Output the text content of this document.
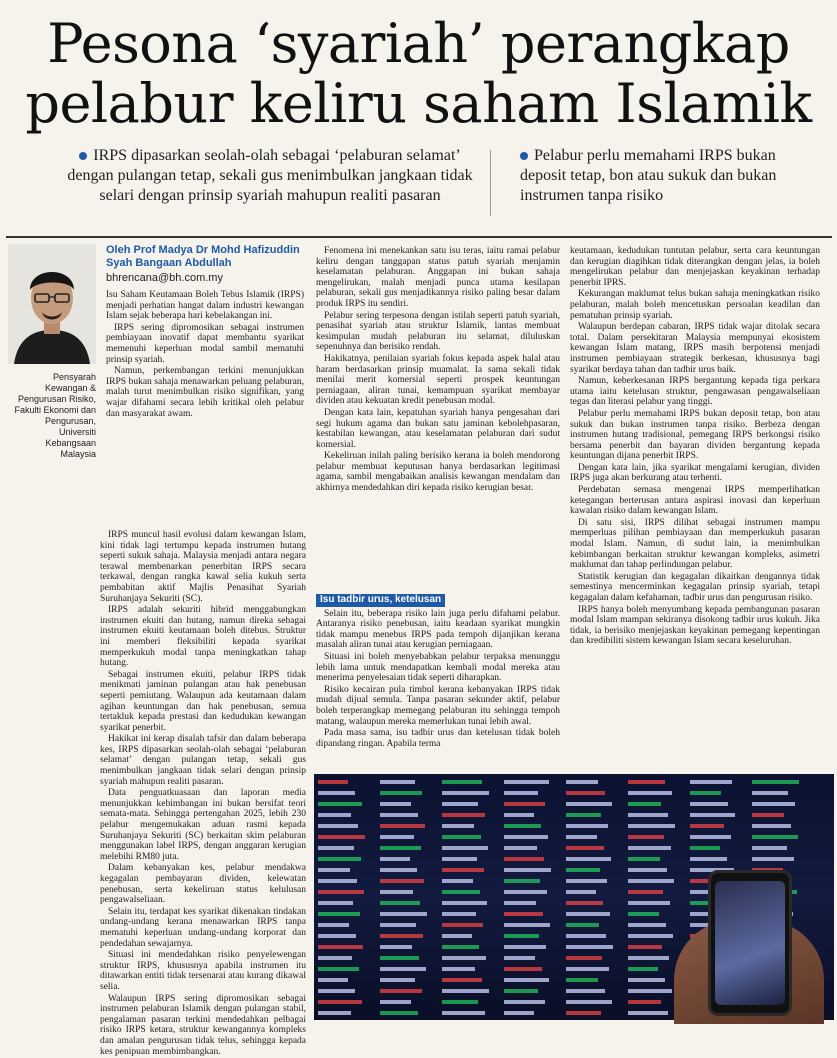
Pesona ‘syariah’ perangkap
pelabur keliru saham Islamik
IRPS dipasarkan seolah-olah sebagai ‘pelaburan selamat’ dengan pulangan tetap, sekali gus menimbulkan jangkaan tidak selari dengan prinsip syariah mahupun realiti pasaran
Pelabur perlu memahami IRPS bukan deposit tetap, bon atau sukuk dan bukan instrumen tanpa risiko
Pensyarah Kewangan & Pengurusan Risiko, Fakulti Ekonomi dan Pengurusan, Universiti Kebangsaan Malaysia
Oleh Prof Madya Dr Mohd Hafizuddin Syah Bangaan Abdullah
bhrencana@bh.com.my

Isu Saham Keutamaan Boleh Tebus Islamik (IRPS) menjadi perhatian hangat dalam industri kewangan Islam sejak beberapa hari kebelakangan ini.

IRPS sering dipromosikan sebagai instrumen pembiayaan inovatif dapat membantu syarikat memenuhi keperluan modal sambil mematuhi prinsip syariah.

Namun, perkembangan terkini menunjukkan IRPS bukan sahaja menawarkan peluang pelaburan, malah turut menimbulkan risiko signifikan, yang wajar difahami secara lebih kritikal oleh pelabur dan masyarakat awam.

IRPS muncul hasil evolusi dalam kewangan Islam, kini tidak lagi tertumpu kepada instrumen hutang seperti sukuk sahaja. Malaysia menjadi antara negara terawal membenarkan penerbitan IRPS secara terkawal, dengan rangka kawal selia kukuh serta pembabitan aktif Majlis Penasihat Syariah Suruhanjaya Sekuriti (SC).

IRPS adalah sekuriti hibrid menggabungkan instrumen ekuiti dan hutang, namun direka sebagai instrumen ekuiti keutamaan boleh ditebus. Struktur ini memberi fleksibiliti kepada syarikat memperkukuh modal tanpa meningkatkan tahap hutang.

Sebagai instrumen ekuiti, pelabur IRPS tidak menikmati jaminan pulangan atau hak penebusan seperti pemiutang. Walaupun ada keutamaan dalam agihan keuntungan dan hak penebusan, semua tertakluk kepada prestasi dan kedudukan kewangan syarikat penerbit.

Hakikat ini kerap disalah tafsir dan dalam beberapa kes, IRPS dipasarkan seolah-olah sebagai ‘pelaburan selamat’ dengan pulangan tetap, sekali gus menimbulkan jangkaan tidak selari dengan prinsip syariah mahupun realiti pasaran.

Data penguatkuasaan dan laporan media menunjukkan kebimbangan ini bukan bersifat teori semata-mata. Sehingga pertengahan 2025, lebih 230 pelabur mengemukakan aduan rasmi kepada Suruhanjaya Sekuriti (SC) berkaitan skim pelaburan menggunakan label IRPS, dengan anggaran kerugian melebihi RM80 juta.

Dalam kebanyakan kes, pelabur mendakwa kegagalan pembayaran dividen, kelewatan penebusan, serta kekeliruan status kelulusan pengawalseliaan.

Selain itu, terdapat kes syarikat dikenakan tindakan undang-undang kerana menawarkan IRPS tanpa mematuhi keperluan undang-undang korporat dan pendedahan sewajarnya.

Situasi ini mendedahkan risiko penyelewengan struktur IRPS, khususnya apabila instrumen itu ditawarkan entiti tidak tersenarai atau kurang dikawal selia.

Walaupun IRPS sering dipromosikan sebagai instrumen pelaburan Islamik dengan pulangan stabil, pengalaman pasaran terkini mendedahkan pelbagai risiko IRPS ketara, struktur kewangannya kompleks dan amalan pengurusan tidak telus, sehingga kepada kes penipuan membimbangkan.

Fenomena ini menekankan satu isu teras, iaitu ramai pelabur keliru dengan tanggapan status patuh syariah menjamin keselamatan pelaburan. Anggapan ini bukan sahaja mengelirukan, malah menjadi punca utama kesilapan pelaburan, sekali gus menjadikannya risiko paling besar dalam produk IRPS itu sendiri.

Pelabur sering terpesona dengan istilah seperti patuh syariah, penasihat syariah atau struktur Islamik, lantas membuat kesimpulan mudah pelaburan itu selamat, diluluskan sepenuhnya dan berisiko rendah.

Hakikatnya, penilaian syariah fokus kepada aspek halal atau haram berdasarkan prinsip muamalat. Ia sama sekali tidak menilai merit komersial seperti prospek keuntungan perniagaan, aliran tunai, kemampuan syarikat membayar dividen atau kekuatan kredit penebusan modal.

Dengan kata lain, kepatuhan syariah hanya pengesahan dari segi hukum agama dan bukan satu jaminan kebolehpasaran, kestabilan kewangan, atau keselamatan pelaburan dari sudut komersial.

Kekeliruan inilah paling berisiko kerana ia boleh mendorong pelabur membuat keputusan hanya berdasarkan legitimasi agama, sambil mengabaikan analisis kewangan mendalam dan akhirnya mendedahkan diri kepada risiko kerugian besar.

Isu tadbir urus, ketelusan

Selain itu, beberapa risiko lain juga perlu difahami pelabur. Antaranya risiko penebusan, iaitu keadaan syarikat mungkin tidak mampu menebus IRPS pada tempoh dijanjikan kerana masalah aliran tunai atau kerugian perniagaan.

Situasi ini boleh menyebabkan pelabur terpaksa menunggu lebih lama untuk mendapatkan kembali modal mereka atau menerima penyelesaian tidak seperti diharapkan.

Risiko kecairan pula timbul kerana kebanyakan IRPS tidak mudah dijual semula. Tanpa pasaran sekunder aktif, pelabur boleh terperangkap memegang pelaburan itu sehingga tempoh matang, walaupun mereka memerlukan tunai lebih awal.

Pada masa sama, isu tadbir urus dan ketelusan tidak boleh dipandang ringan. Apabila terma

keutamaan, kedudukan tuntutan pelabur, serta cara keuntungan dan kerugian diagihkan tidak diterangkan dengan jelas, ia boleh mengelirukan pelabur dan menjejaskan keyakinan terhadap penerbit IPRS.

Kekurangan maklumat telus bukan sahaja meningkatkan risiko pelaburan, malah boleh mencetuskan persoalan keadilan dan pematuhan prinsip syariah.

Walaupun berdepan cabaran, IRPS tidak wajar ditolak secara total. Dalam persekitaran Malaysia mempunyai ekosistem kewangan Islam matang, IRPS masih berpotensi menjadi instrumen pembiayaan strategik berkesan, khususnya bagi syarikat berdaya tahan dan tadbir urus baik.

Namun, keberkesanan IRPS bergantung kepada tiga perkara utama iaitu ketelusan struktur, pengawasan pengawalseliaan tegas dan literasi pelabur yang tinggi.

Pelabur perlu memahami IRPS bukan deposit tetap, bon atau sukuk dan bukan instrumen tanpa risiko. Berbeza dengan instrumen hutang tradisional, pemegang IRPS berkongsi risiko bersama penerbit dan bayaran dividen bergantung kepada keuntungan dijana penerbit IRPS.

Dengan kata lain, jika syarikat mengalami kerugian, dividen IRPS juga akan berkurang atau terhenti.

Perdebatan semasa mengenai IRPS memperlihatkan ketegangan berterusan antara aspirasi inovasi dan keperluan kawalan risiko dalam kewangan Islam.

Di satu sisi, IRPS dilihat sebagai instrumen mampu memperluas pilihan pembiayaan dan memperkukuh pasaran modal Islam. Namun, di sudut lain, ia menimbulkan kebimbangan berkaitan struktur kewangan kompleks, asimetri maklumat dan tahap perlindungan pelabur.

Statistik kerugian dan kegagalan dikaitkan dengannya tidak semestinya mencerminkan kegagalan prinsip syariah, tetapi kegagalan dalam kefahaman, tadbir urus dan pengurusan risiko.

IRPS hanya boleh menyumbang kepada pembangunan pasaran modal Islam mampan sekiranya disokong tadbir urus kukuh. Jika tidak, ia berisiko menjejaskan keyakinan pemegang kepentingan dan kredibiliti sistem kewangan Islam secara keseluruhan.
